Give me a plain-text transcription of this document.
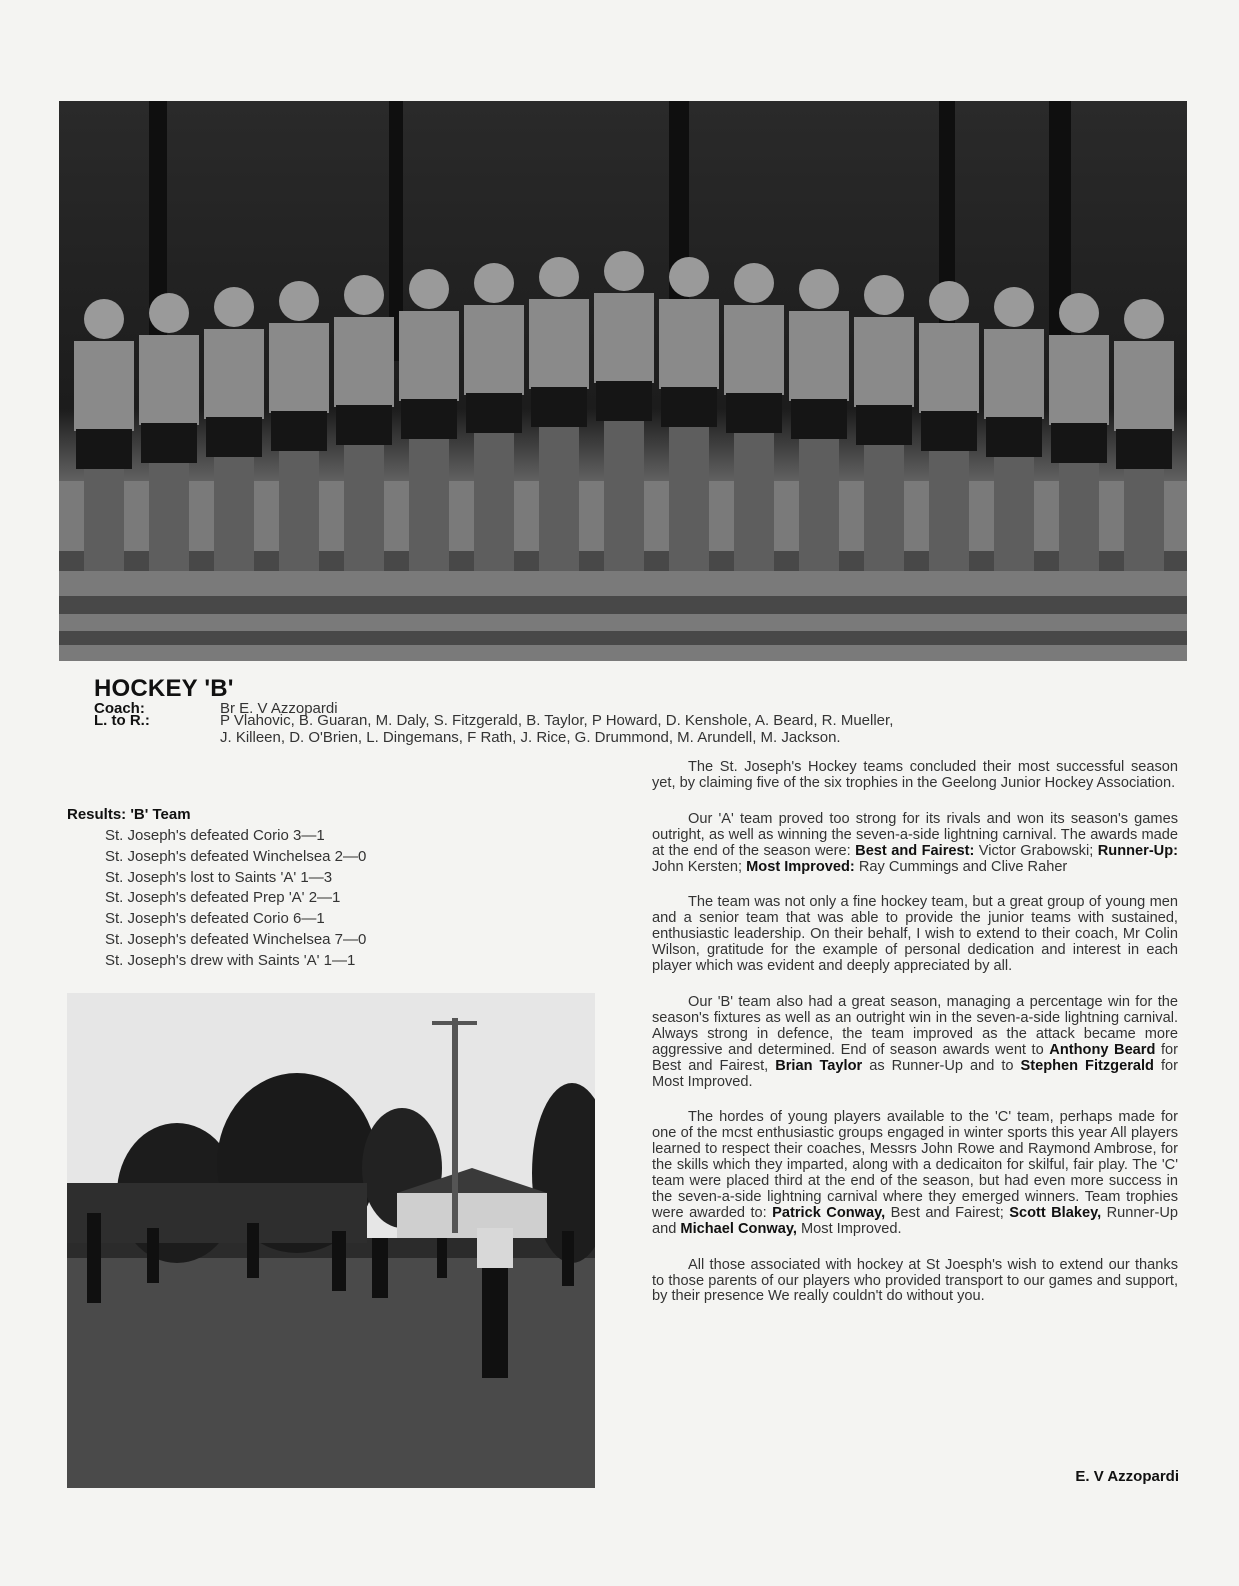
HOCKEY 'B'
Coach:	Br E. V Azzopardi
L. to R.:	P Vlahovic, B. Guaran, M. Daly, S. Fitzgerald, B. Taylor, P Howard, D. Kenshole, A. Beard, R. Mueller,
J. Killeen, D. O'Brien, L. Dingemans, F Rath, J. Rice, G. Drummond, M. Arundell, M. Jackson.
Results: 'B' Team
St. Joseph's defeated Corio 3—1
St. Joseph's defeated Winchelsea 2—0
St. Joseph's lost to Saints 'A' 1—3
St. Joseph's defeated Prep 'A' 2—1
St. Joseph's defeated Corio 6—1
St. Joseph's defeated Winchelsea 7—0
St. Joseph's drew with Saints 'A' 1—1

The St. Joseph's Hockey teams concluded their most successful season yet, by claiming five of the six trophies in the Geelong Junior Hockey Association.

Our 'A' team proved too strong for its rivals and won its season's games outright, as well as winning the seven-a-side lightning carnival. The awards made at the end of the season were: Best and Fairest: Victor Grabowski; Runner-Up: John Kersten; Most Improved: Ray Cummings and Clive Raher

The team was not only a fine hockey team, but a great group of young men and a senior team that was able to provide the junior teams with sustained, enthusiastic leadership. On their behalf, I wish to extend to their coach, Mr Colin Wilson, gratitude for the example of personal dedication and interest in each player which was evident and deeply appreciated by all.

Our 'B' team also had a great season, managing a percentage win for the season's fixtures as well as an outright win in the seven-a-side lightning carnival. Always strong in defence, the team improved as the attack became more aggressive and determined. End of season awards went to Anthony Beard for Best and Fairest, Brian Taylor as Runner-Up and to Stephen Fitzgerald for Most Improved.

The hordes of young players available to the 'C' team, perhaps made for one of the mcst enthusiastic groups engaged in winter sports this year All players learned to respect their coaches, Messrs John Rowe and Raymond Ambrose, for the skills which they imparted, along with a dedicaiton for skilful, fair play. The 'C' team were placed third at the end of the season, but had even more success in the seven-a-side lightning carnival where they emerged winners. Team trophies were awarded to: Patrick Conway, Best and Fairest; Scott Blakey, Runner-Up and Michael Conway, Most Improved.

All those associated with hockey at St Joesph's wish to extend our thanks to those parents of our players who provided transport to our games and support, by their presence We really couldn't do without you.

E. V Azzopardi
